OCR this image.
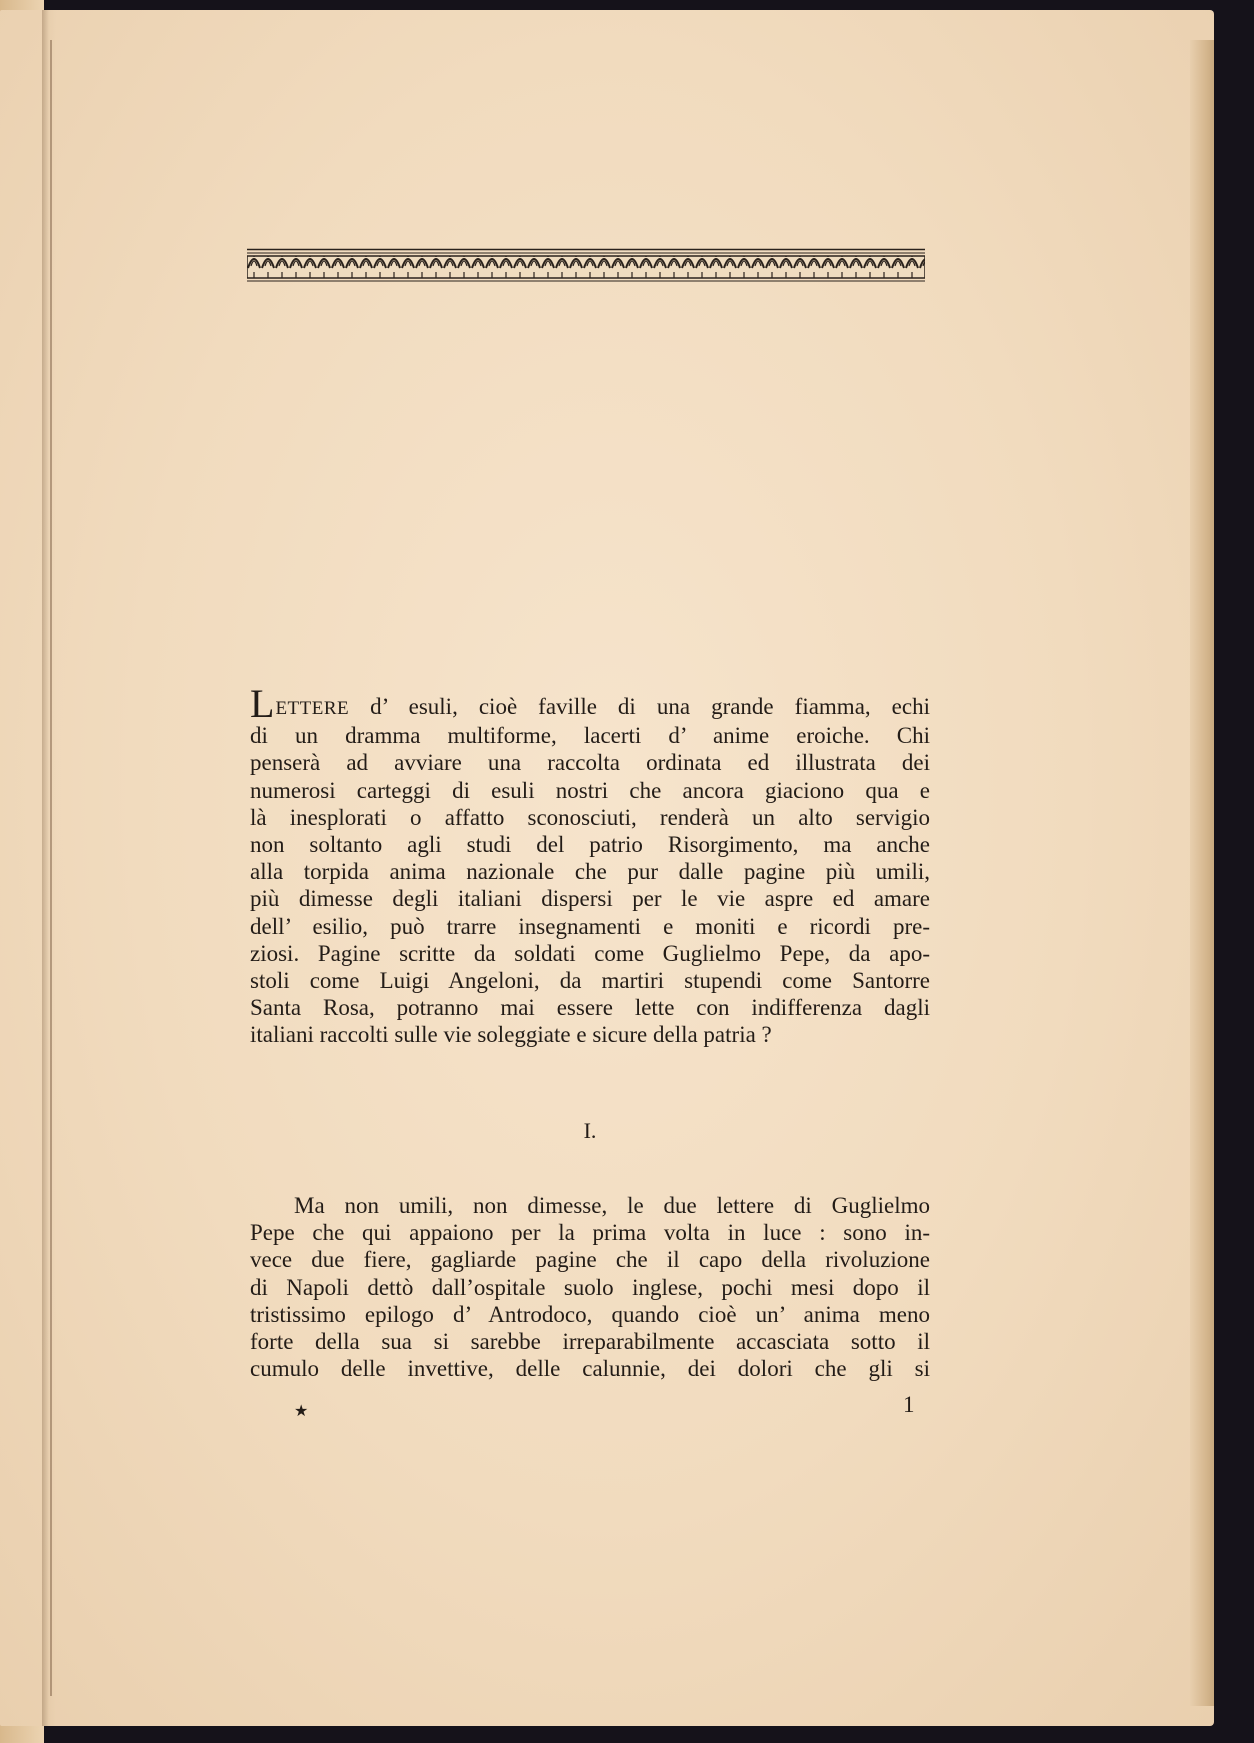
LETTERE d’ esuli, cioè faville di una grande fiamma, echi
di un dramma multiforme, lacerti d’ anime eroiche. Chi
penserà ad avviare una raccolta ordinata ed illustrata dei
numerosi carteggi di esuli nostri che ancora giaciono qua e
là inesplorati o affatto sconosciuti, renderà un alto servigio
non soltanto agli studi del patrio Risorgimento, ma anche
alla torpida anima nazionale che pur dalle pagine più umili,
più dimesse degli italiani dispersi per le vie aspre ed amare
dell’ esilio, può trarre insegnamenti e moniti e ricordi pre-
ziosi. Pagine scritte da soldati come Guglielmo Pepe, da apo-
stoli come Luigi Angeloni, da martiri stupendi come Santorre
Santa Rosa, potranno mai essere lette con indifferenza dagli
italiani raccolti sulle vie soleggiate e sicure della patria ?

I.

Ma non umili, non dimesse, le due lettere di Guglielmo
Pepe che qui appaiono per la prima volta in luce : sono in-
vece due fiere, gagliarde pagine che il capo della rivoluzione
di Napoli dettò dall’ospitale suolo inglese, pochi mesi dopo il
tristissimo epilogo d’ Antrodoco, quando cioè un’ anima meno
forte della sua si sarebbe irreparabilmente accasciata sotto il
cumulo delle invettive, delle calunnie, dei dolori che gli si

★	1
